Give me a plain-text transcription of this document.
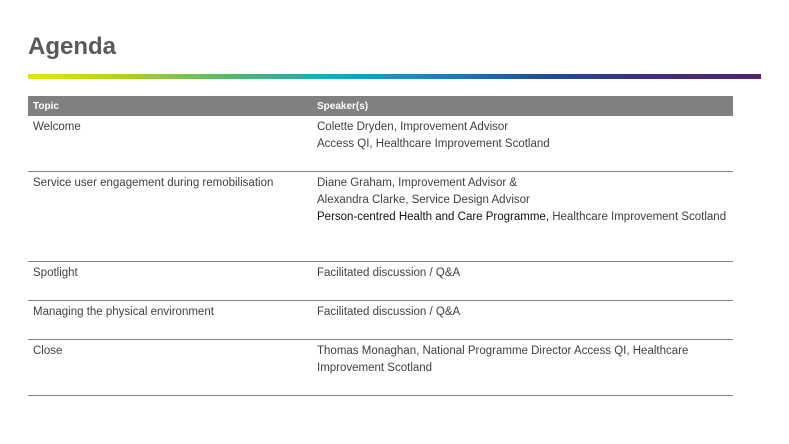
Agenda
Topic	Speaker(s)
Welcome	Colette Dryden, Improvement Advisor
Access QI, Healthcare Improvement Scotland

Service user engagement during remobilisation	Diane Graham, Improvement Advisor &
Alexandra Clarke, Service Design Advisor
Person-centred Health and Care Programme, Healthcare Improvement Scotland

Spotlight	Facilitated discussion / Q&A

Managing the physical environment	Facilitated discussion / Q&A

Close	Thomas Monaghan, National Programme Director Access QI, Healthcare Improvement Scotland
